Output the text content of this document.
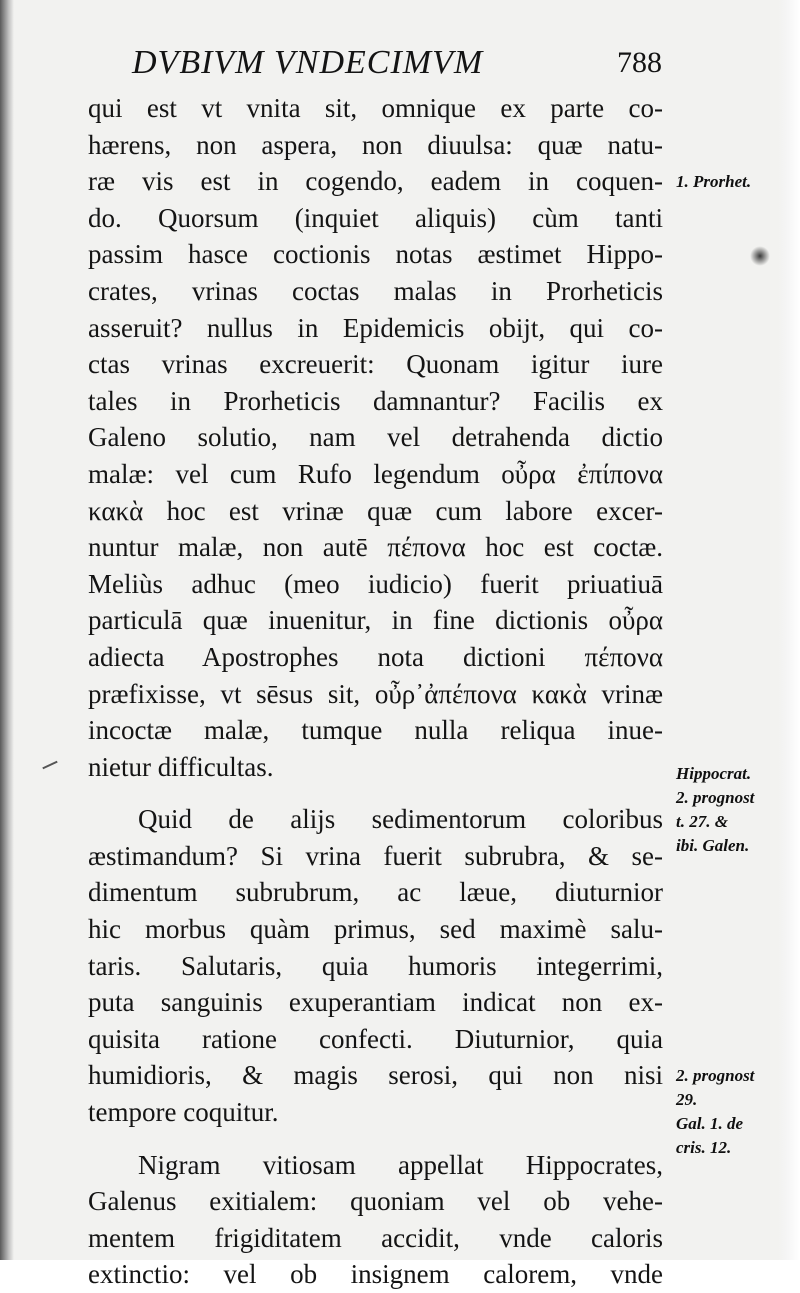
DVBIVM VNDECIMVM	788
qui est vt vnita sit, omnique ex parte co-
hærens, non aspera, non diuulsa: quæ natu-
ræ vis est in cogendo, eadem in coquen-
do. Quorsum (inquiet aliquis) cùm tanti
passim hasce coctionis notas æstimet Hippo-
crates, vrinas coctas malas in Prorheticis
asseruit? nullus in Epidemicis obijt, qui co-
ctas vrinas excreuerit: Quonam igitur iure
tales in Prorheticis damnantur? Facilis ex
Galeno solutio, nam vel detrahenda dictio
malæ: vel cum Rufo legendum οὖρα ἐπίπονα
κακὰ hoc est vrinæ quæ cum labore excer-
nuntur malæ, non autē πέπονα hoc est coctæ.
Meliùs adhuc (meo iudicio) fuerit priuatiuā
particulā quæ inuenitur, in fine dictionis οὖρα
adiecta Apostrophes nota dictioni πέπονα
præfixisse, vt sēsus sit, οὖρ᾽ἀπέπονα κακὰ vrinæ
incoctæ malæ, tumque nulla reliqua inue-
nietur difficultas.
Quid de alijs sedimentorum coloribus
æstimandum? Si vrina fuerit subrubra, & se-
dimentum subrubrum, ac læue, diuturnior
hic morbus quàm primus, sed maximè salu-
taris. Salutaris, quia humoris integerrimi,
puta sanguinis exuperantiam indicat non ex-
quisita ratione confecti. Diuturnior, quia
humidioris, & magis serosi, qui non nisi
tempore coquitur.
Nigram vitiosam appellat Hippocrates,
Galenus exitialem: quoniam vel ob vehe-
mentem frigiditatem accidit, vnde caloris
extinctio: vel ob insignem calorem, vnde
1. Prorhet.
Hippocrat.
2. prognost
t. 27. &
ibi. Galen.
2. prognost
29.
Gal. 1. de
cris. 12.
